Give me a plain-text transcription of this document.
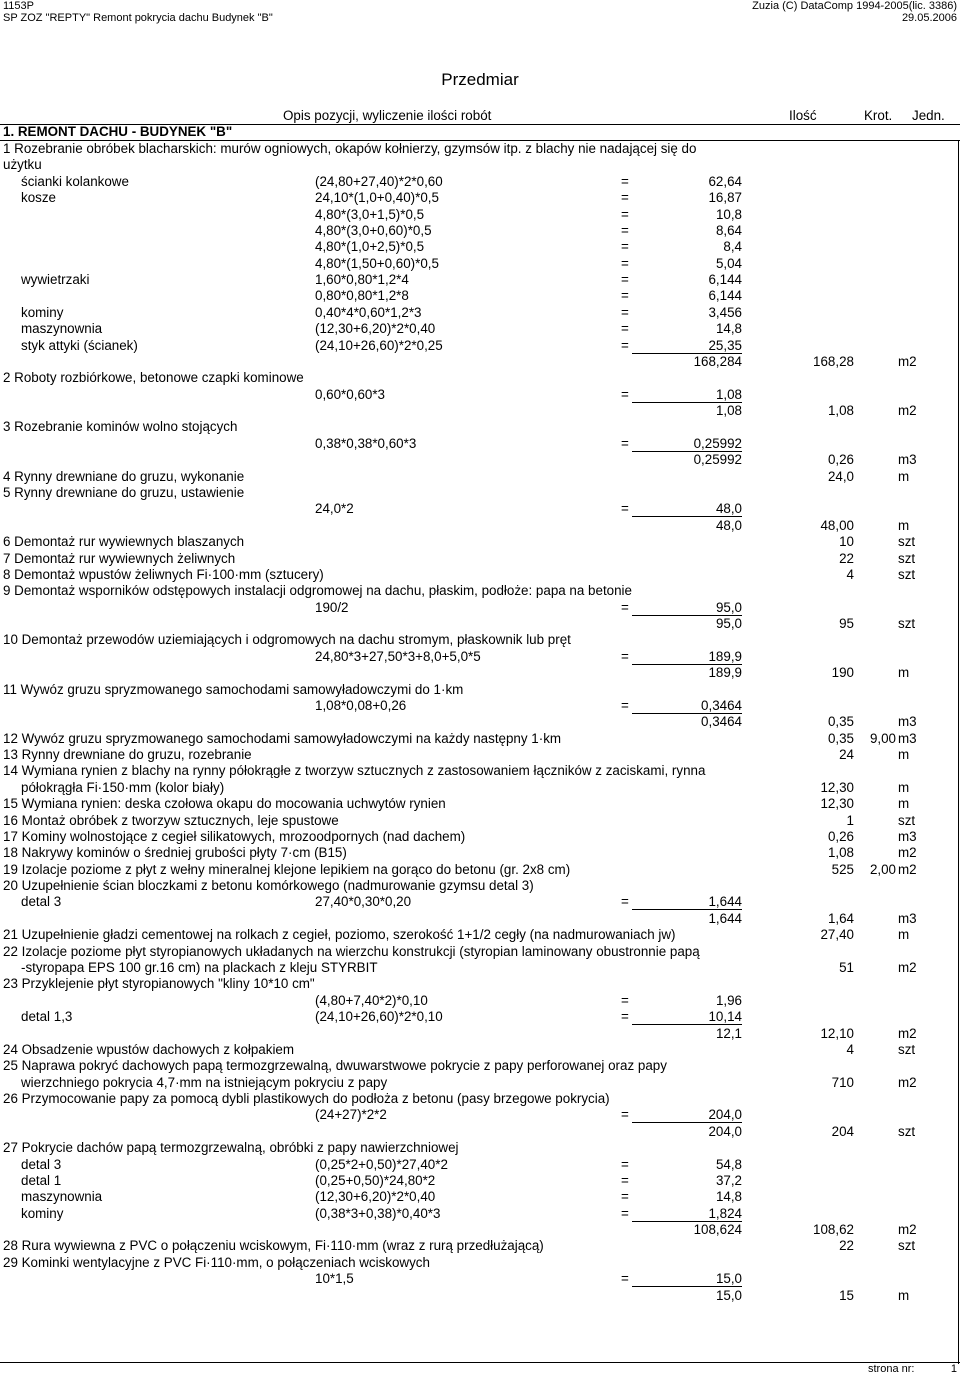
1153P
SP ZOZ "REPTY" Remont pokrycia dachu Budynek "B"
Zuzia (C) DataComp 1994-2005(lic. 3386)
29.05.2006
Przedmiar
Opis pozycji, wyliczenie ilości robót	Ilość	Krot. Jedn.
1. REMONT DACHU - BUDYNEK "B"
1 Rozebranie obróbek blacharskich: murów ogniowych, okapów kołnierzy, gzymsów itp. z blachy nie nadającej się do
użytku
ścianki kolankowe	(24,80+27,40)*2*0,60	=	62,64
kosze	24,10*(1,0+0,40)*0,5	=	16,87
4,80*(3,0+1,5)*0,5	=	10,8
4,80*(3,0+0,60)*0,5	=	8,64
4,80*(1,0+2,5)*0,5	=	8,4
4,80*(1,50+0,60)*0,5	=	5,04
wywietrzaki	1,60*0,80*1,2*4	=	6,144
0,80*0,80*1,2*8	=	6,144
kominy	0,40*4*0,60*1,2*3	=	3,456
maszynownia	(12,30+6,20)*2*0,40	=	14,8
styk attyki (ścianek)	(24,10+26,60)*2*0,25	=	25,35
168,284	168,28	m2
2 Roboty rozbiórkowe, betonowe czapki kominowe
0,60*0,60*3	=	1,08
1,08	1,08	m2
3 Rozebranie kominów wolno stojących
0,38*0,38*0,60*3	=	0,25992
0,25992	0,26	m3
4 Rynny drewniane do gruzu, wykonanie	24,0	m
5 Rynny drewniane do gruzu, ustawienie
24,0*2	=	48,0
48,0	48,00	m
6 Demontaż rur wywiewnych blaszanych	10	szt
7 Demontaż rur wywiewnych żeliwnych	22	szt
8 Demontaż wpustów żeliwnych Fi·100·mm (sztucery)	4	szt
9 Demontaż wsporników odstępowych instalacji odgromowej na dachu, płaskim, podłoże: papa na betonie
190/2	=	95,0
95,0	95	szt
10 Demontaż przewodów uziemiających i odgromowych na dachu stromym, płaskownik lub pręt
24,80*3+27,50*3+8,0+5,0*5	=	189,9
189,9	190	m
11 Wywóz gruzu spryzmowanego samochodami samowyładowczymi do 1·km
1,08*0,08+0,26	=	0,3464
0,3464	0,35	m3
12 Wywóz gruzu spryzmowanego samochodami samowyładowczymi na każdy następny 1·km	0,35	9,00 m3
13 Rynny drewniane do gruzu, rozebranie	24	m
14 Wymiana rynien z blachy na rynny półokrągłe z tworzyw sztucznych z zastosowaniem łączników z zaciskami, rynna
półokrągła Fi·150·mm (kolor biały)	12,30	m
15 Wymiana rynien: deska czołowa okapu do mocowania uchwytów rynien	12,30	m
16 Montaż obróbek z tworzyw sztucznych, leje spustowe	1	szt
17 Kominy wolnostojące z cegieł silikatowych, mrozoodpornych (nad dachem)	0,26	m3
18 Nakrywy kominów o średniej grubości płyty 7·cm (B15)	1,08	m2
19 Izolacje poziome z płyt z wełny mineralnej klejone lepikiem na gorąco do betonu (gr. 2x8 cm)	525	2,00 m2
20 Uzupełnienie ścian bloczkami z betonu komórkowego (nadmurowanie gzymsu detal 3)
detal 3	27,40*0,30*0,20	=	1,644
1,644	1,64	m3
21 Uzupełnienie gładzi cementowej na rolkach z cegieł, poziomo, szerokość 1+1/2 cegły (na nadmurowaniach jw)	27,40	m
22 Izolacje poziome płyt styropianowych układanych na wierzchu konstrukcji (styropian laminowany obustronnie papą
-styropapa EPS 100 gr.16 cm) na plackach z kleju STYRBIT	51	m2
23 Przyklejenie płyt styropianowych "kliny 10*10 cm"
(4,80+7,40*2)*0,10	=	1,96
detal 1,3	(24,10+26,60)*2*0,10	=	10,14
12,1	12,10	m2
24 Obsadzenie wpustów dachowych z kołpakiem	4	szt
25 Naprawa pokryć dachowych papą termozgrzewalną, dwuwarstwowe pokrycie z papy perforowanej oraz papy
wierzchniego pokrycia 4,7·mm na istniejącym pokryciu z papy	710	m2
26 Przymocowanie papy za pomocą dybli plastikowych do podłoża z betonu (pasy brzegowe pokrycia)
(24+27)*2*2	=	204,0
204,0	204	szt
27 Pokrycie dachów papą termozgrzewalną, obróbki z papy nawierzchniowej
detal 3	(0,25*2+0,50)*27,40*2	=	54,8
detal 1	(0,25+0,50)*24,80*2	=	37,2
maszynownia	(12,30+6,20)*2*0,40	=	14,8
kominy	(0,38*3+0,38)*0,40*3	=	1,824
108,624	108,62	m2
28 Rura wywiewna z PVC o połączeniu wciskowym, Fi·110·mm (wraz z rurą przedłużającą)	22	szt
29 Kominki wentylacyjne z PVC Fi·110·mm, o połączeniach wciskowych
10*1,5	=	15,0
15,0	15	m
strona nr:	1
